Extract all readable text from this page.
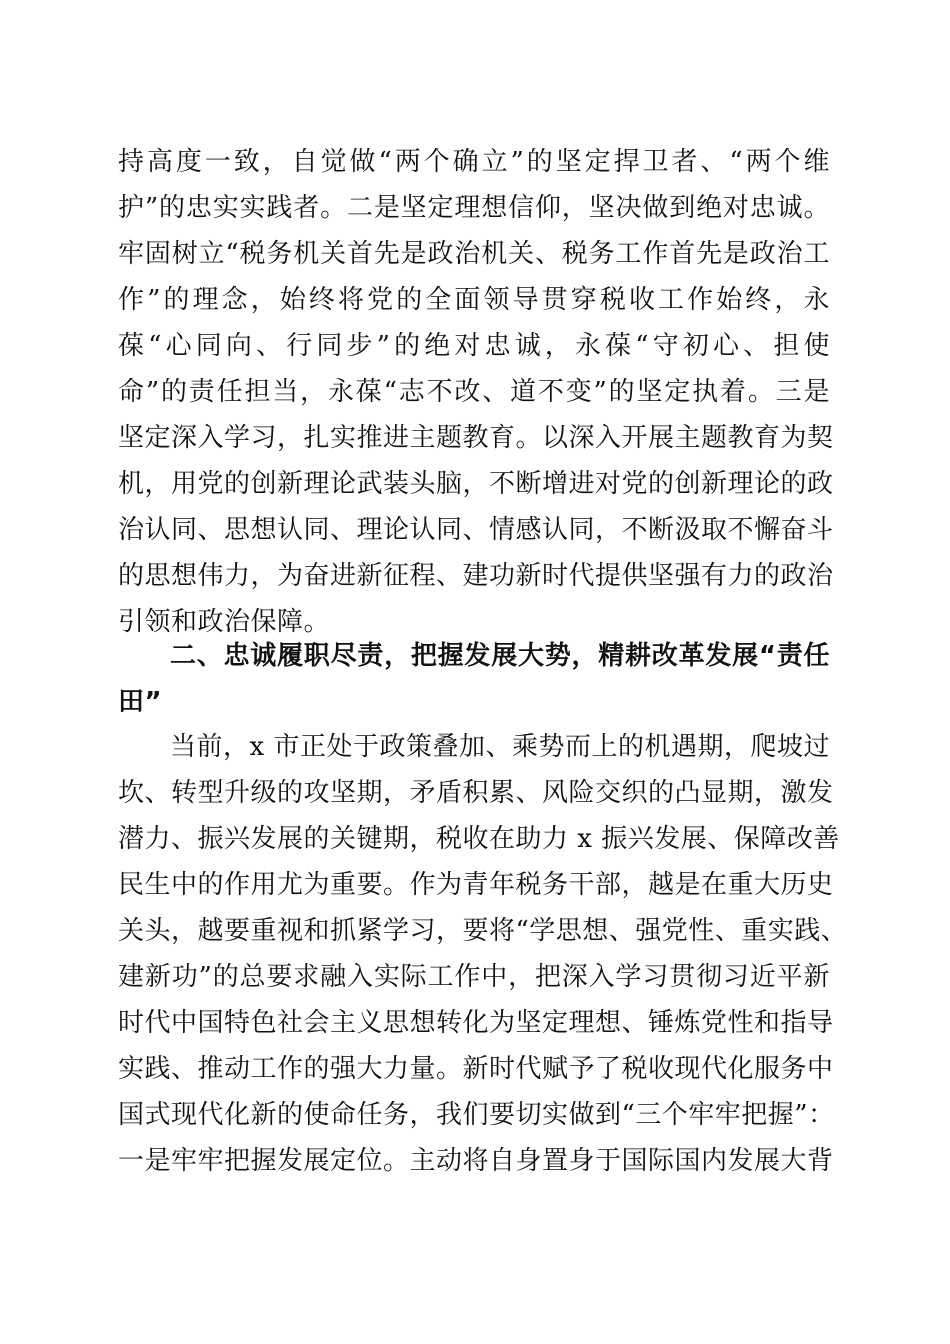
持高度一致，自觉做“两个确立”的坚定捍卫者、“两个维
护”的忠实实践者。二是坚定理想信仰，坚决做到绝对忠诚。
牢固树立“税务机关首先是政治机关、税务工作首先是政治工
作”的理念，始终将党的全面领导贯穿税收工作始终，永
葆“心同向、行同步”的绝对忠诚，永葆“守初心、担使
命”的责任担当，永葆“志不改、道不变”的坚定执着。三是
坚定深入学习，扎实推进主题教育。以深入开展主题教育为契
机，用党的创新理论武装头脑，不断增进对党的创新理论的政
治认同、思想认同、理论认同、情感认同，不断汲取不懈奋斗
的思想伟力，为奋进新征程、建功新时代提供坚强有力的政治
引领和政治保障。
二、忠诚履职尽责，把握发展大势，精耕改革发展“责任
田”
当前，x 市正处于政策叠加、乘势而上的机遇期，爬坡过
坎、转型升级的攻坚期，矛盾积累、风险交织的凸显期，激发
潜力、振兴发展的关键期，税收在助力 x 振兴发展、保障改善
民生中的作用尤为重要。作为青年税务干部，越是在重大历史
关头，越要重视和抓紧学习，要将“学思想、强党性、重实践、
建新功”的总要求融入实际工作中，把深入学习贯彻习近平新
时代中国特色社会主义思想转化为坚定理想、锤炼党性和指导
实践、推动工作的强大力量。新时代赋予了税收现代化服务中
国式现代化新的使命任务，我们要切实做到“三个牢牢把握”：
一是牢牢把握发展定位。主动将自身置身于国际国内发展大背
